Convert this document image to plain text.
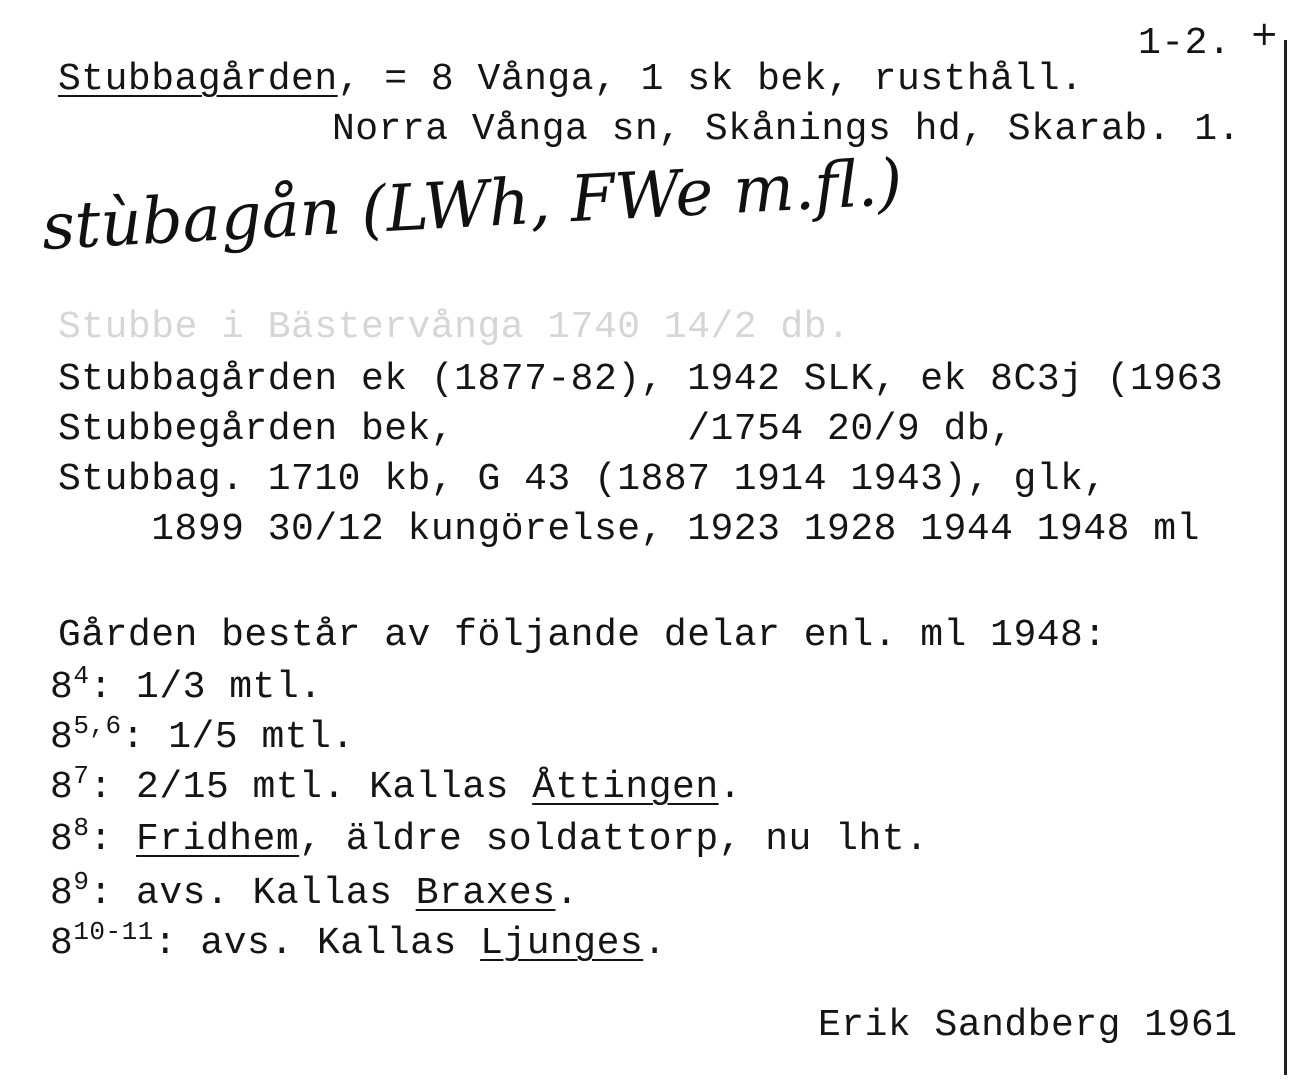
1-2. +
Stubbagården, = 8 Vånga, 1 sk bek, rusthåll.
Norra Vånga sn, Skånings hd, Skarab. 1.
stùbagån (LWh, FWe m.fl.)
Stubbe i Bästervånga 1740 14/2 db.
Stubbagården ek (1877-82), 1942 SLK, ek 8C3j (1963
Stubbegården bek,          /1754 20/9 db,
Stubbag. 1710 kb, G 43 (1887 1914 1943), glk,
1899 30/12 kungörelse, 1923 1928 1944 1948 ml
Gården består av följande delar enl. ml 1948:
$8^4$: 1/3 mtl.
8$^{5,6}$: 1/5 mtl.
$8^7$: 2/15 mtl. Kallas Åttingen.
$8^8$: Fridhem, äldre soldattorp, nu lht.
$8^9$: avs. Kallas Braxes.
8$^{10-11}$: avs. Kallas Ljunges.
Erik Sandberg 1961
